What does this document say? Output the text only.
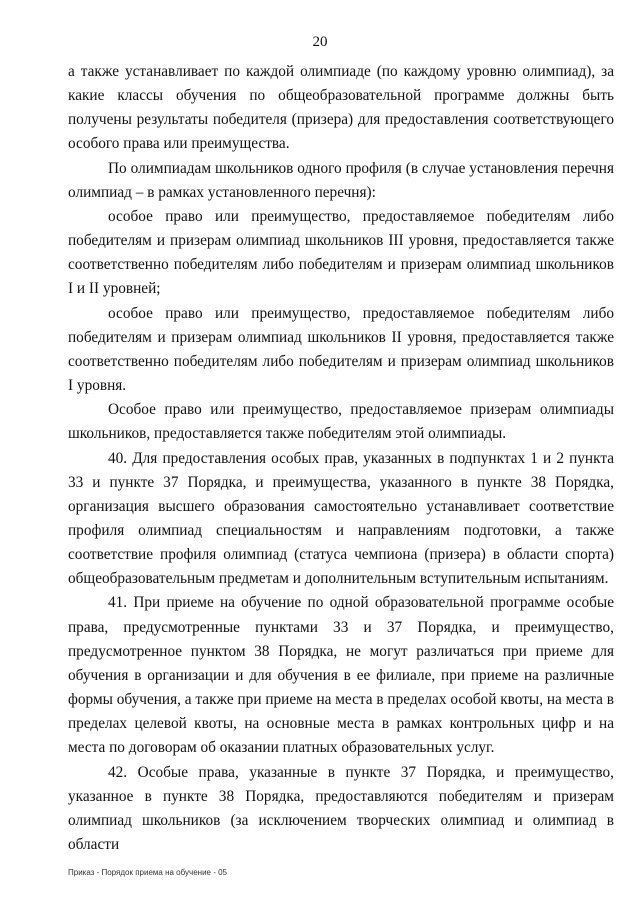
20

а также устанавливает по каждой олимпиаде (по каждому уровню олимпиад), за какие классы обучения по общеобразовательной программе должны быть получены результаты победителя (призера) для предоставления соответствующего особого права или преимущества.

По олимпиадам школьников одного профиля (в случае установления перечня олимпиад – в рамках установленного перечня):

особое право или преимущество, предоставляемое победителям либо победителям и призерам олимпиад школьников III уровня, предоставляется также соответственно победителям либо победителям и призерам олимпиад школьников I и II уровней;

особое право или преимущество, предоставляемое победителям либо победителям и призерам олимпиад школьников II уровня, предоставляется также соответственно победителям либо победителям и призерам олимпиад школьников I уровня.

Особое право или преимущество, предоставляемое призерам олимпиады школьников, предоставляется также победителям этой олимпиады.

40. Для предоставления особых прав, указанных в подпунктах 1 и 2 пункта 33 и пункте 37 Порядка, и преимущества, указанного в пункте 38 Порядка, организация высшего образования самостоятельно устанавливает соответствие профиля олимпиад специальностям и направлениям подготовки, а также соответствие профиля олимпиад (статуса чемпиона (призера) в области спорта) общеобразовательным предметам и дополнительным вступительным испытаниям.

41. При приеме на обучение по одной образовательной программе особые права, предусмотренные пунктами 33 и 37 Порядка, и преимущество, предусмотренное пунктом 38 Порядка, не могут различаться при приеме для обучения в организации и для обучения в ее филиале, при приеме на различные формы обучения, а также при приеме на места в пределах особой квоты, на места в пределах целевой квоты, на основные места в рамках контрольных цифр и на места по договорам об оказании платных образовательных услуг.

42. Особые права, указанные в пункте 37 Порядка, и преимущество, указанное в пункте 38 Порядка, предоставляются победителям и призерам олимпиад школьников (за исключением творческих олимпиад и олимпиад в области

Приказ - Порядок приема на обучение - 05
